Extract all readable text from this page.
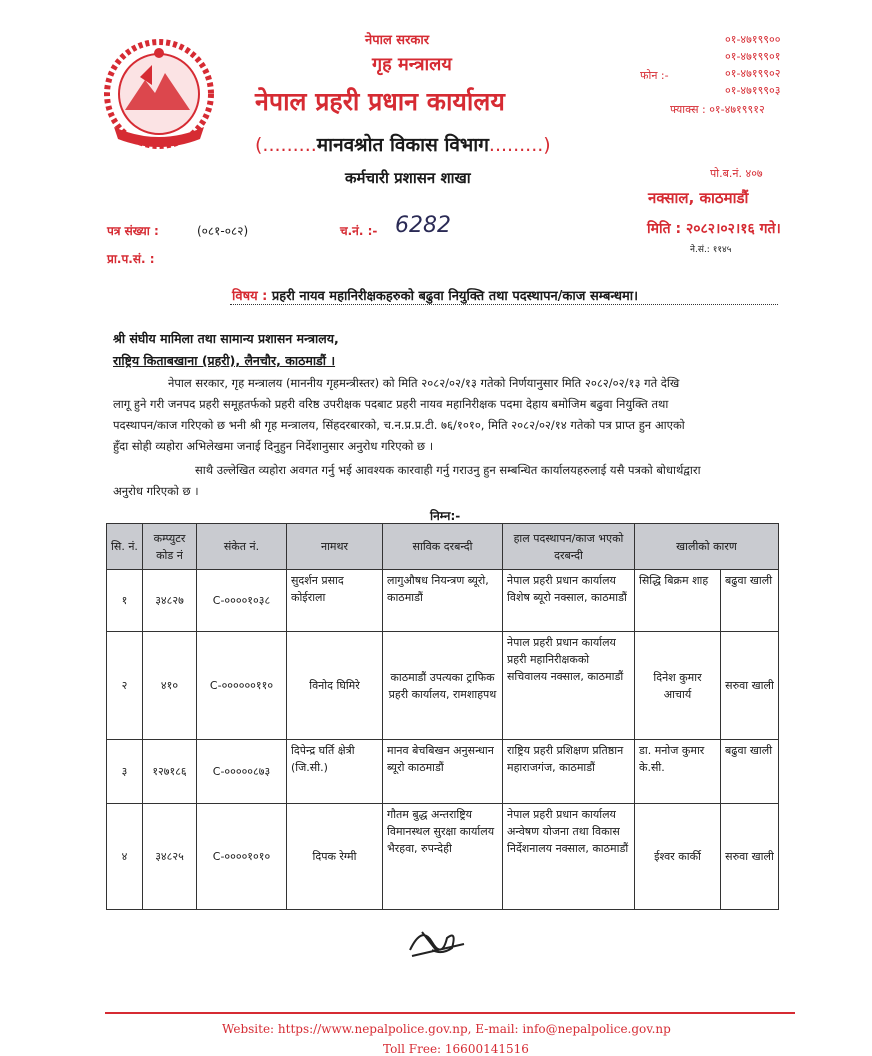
नेपाल सरकार
गृह मन्त्रालय
नेपाल प्रहरी प्रधान कार्यालय
(.........मानवश्रोत विकास विभाग.........)
कर्मचारी प्रशासन शाखा
फोन :-
०१-४७१९९००
०१-४७१९९०१
०१-४७१९९०२
०१-४७१९९०३
फ्याक्स : ०१-४७१९९१२
पो.ब.नं. ४०७
नक्साल, काठमाडौं
पत्र संख्या :	(०८१-०८२)	च.नं. :- 6282	मिति : २०८२।०२।१६ गते।
ने.सं.: ११४५
प्रा.प.सं. :
विषय : प्रहरी नायव महानिरीक्षकहरुको बढुवा नियुक्ति तथा पदस्थापन/काज सम्बन्धमा।
श्री संघीय मामिला तथा सामान्य प्रशासन मन्त्रालय,
राष्ट्रिय किताबखाना (प्रहरी), लैनचौर, काठमाडौं ।
नेपाल सरकार, गृह मन्त्रालय (माननीय गृहमन्त्रीस्तर) को मिति २०८२/०२/१३ गतेको निर्णयानुसार मिति २०८२/०२/१३ गते देखि
लागू हुने गरी जनपद प्रहरी समूहतर्फको प्रहरी वरिष्ठ उपरीक्षक पदबाट प्रहरी नायव महानिरीक्षक पदमा देहाय बमोजिम बढुवा नियुक्ति तथा
पदस्थापन/काज गरिएको छ भनी श्री गृह मन्त्रालय, सिंहदरबारको, च.न.प्र.प्र.टी. ७६/१०१०, मिति २०८२/०२/१४ गतेको पत्र प्राप्त हुन आएको
हुँदा सोही व्यहोरा अभिलेखमा जनाई दिनुहुन निर्देशानुसार अनुरोध गरिएको छ ।
साथै उल्लेखित व्यहोरा अवगत गर्नु भई आवश्यक कारवाही गर्नु गराउनु हुन सम्बन्धित कार्यालयहरुलाई यसै पत्रको बोधार्थद्वारा
अनुरोध गरिएको छ ।
निम्न:-
सि. नं.	कम्प्युटर कोड नं	संकेत नं.	नामथर	साविक दरबन्दी	हाल पदस्थापन/काज भएको दरबन्दी	खालीको कारण	
१	३४८२७	C-००००१०३८	सुदर्शन प्रसाद कोईराला	लागुऔषध नियन्त्रण ब्यूरो, काठमाडौं	नेपाल प्रहरी प्रधान कार्यालय विशेष ब्यूरो नक्साल, काठमाडौं	सिद्धि बिक्रम शाह	बढुवा खाली
२	४१०	C-००००००११०	विनोद घिमिरे	काठमाडौं उपत्यका ट्राफिक प्रहरी कार्यालय, रामशाहपथ	नेपाल प्रहरी प्रधान कार्यालय प्रहरी महानिरीक्षकको सचिवालय नक्साल, काठमाडौं	दिनेश कुमार आचार्य	सरुवा खाली
३	१२७१८६	C-०००००८७३	दिपेन्द्र घर्ति क्षेत्री (जि.सी.)	मानव बेचबिखन अनुसन्धान ब्यूरो काठमाडौं	राष्ट्रिय प्रहरी प्रशिक्षण प्रतिष्ठान महाराजगंज, काठमाडौं	डा. मनोज कुमार के.सी.	बढुवा खाली
४	३४८२५	C-००००१०१०	दिपक रेग्मी	गौतम बुद्ध अन्तराष्ट्रिय विमानस्थल सुरक्षा कार्यालय भैरहवा, रुपन्देही	नेपाल प्रहरी प्रधान कार्यालय अन्वेषण योजना तथा विकास निर्देशनालय नक्साल, काठमाडौं	ईश्वर कार्की	सरुवा खाली
Website: https://www.nepalpolice.gov.np, E-mail: info@nepalpolice.gov.np
Toll Free: 16600141516
